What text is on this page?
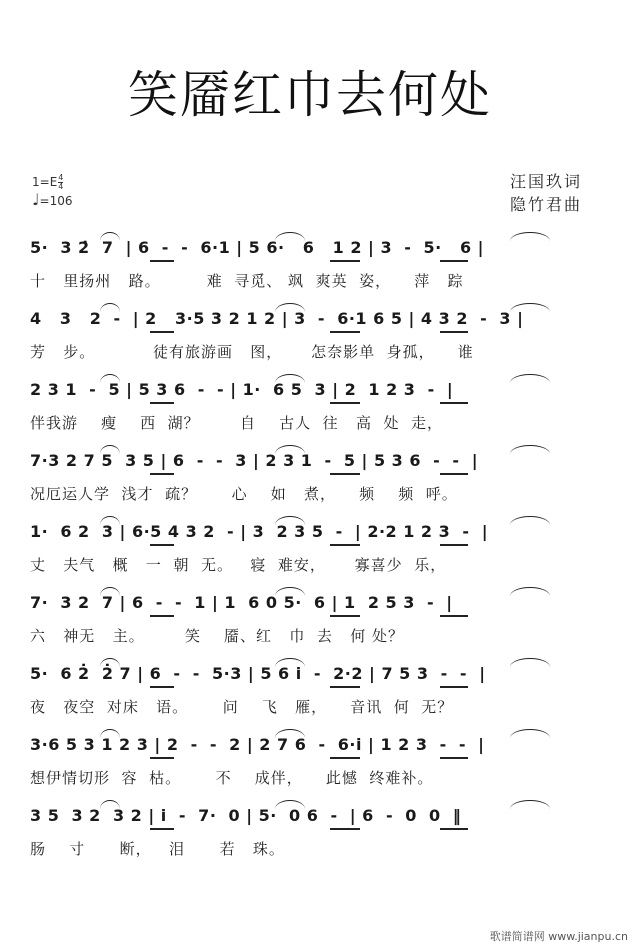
笑靥红巾去何处
$1=E \frac{4}{4}$
♩=106
汪国玖词
隐竹君曲
5·  3 2̇  7  | 6  -  -  6·1 | 5 6·   6   1 2 | 3  -  5·   6 |
十   里扬州   路。        难  寻觅、 飒  爽英  姿，    萍   踪
4   3   2  -  | 2   3·5 3 2 1 2 | 3  -  6·1 6 5 | 4 3 2  -  3 |
芳   步。          徒有旅游画   图，     怎奈影单  身孤，    谁
2 3 1  -  5 | 5 3 6  -  - | 1·  6 5  3 | 2  1 2 3  -  |
伴我游    瘦    西  湖？       自    古人  往   高  处  走，
7·3 2 7 5  3 5 | 6  -  -  3 | 2 3 1  -  5 | 5 3 6  -  -  |
况厄运人学  浅才  疏？      心    如   煮，    频    频  呼。
1·  6 2  3 | 6·5 4 3 2  - | 3  2 3 5  -  | 2·2 1 2 3  -  |
丈   夫气   概   一  朝  无。   寝  难安，     寡喜少  乐，
7·  3 2  7 | 6  -  -  1 | 1  6 0 5·  6 | 1  2 5 3  -  |
六   神无   主。       笑    靥、红   巾  去   何 处？
5·  6 2̇  2̇ 7 | 6  -  -  5·3 | 5 6 i  -  2·2 | 7 5 3  -  -  |
夜   夜空  对床   语。      问    飞   雁，    音讯  何  无？
3·6 5 3 1 2 3 | 2  -  -  2 | 2 7 6  -  6·i | 1 2 3  -  -  |
想伊情切形  容  枯。      不    成伴，    此憾  终难补。
3 5  3 2  3 2 | i  -  7·  0 | 5·  0 6  -  | 6  -  0  0  ‖
肠    寸      断，   泪      若   珠。
歌谱简谱网 www.jianpu.cn
